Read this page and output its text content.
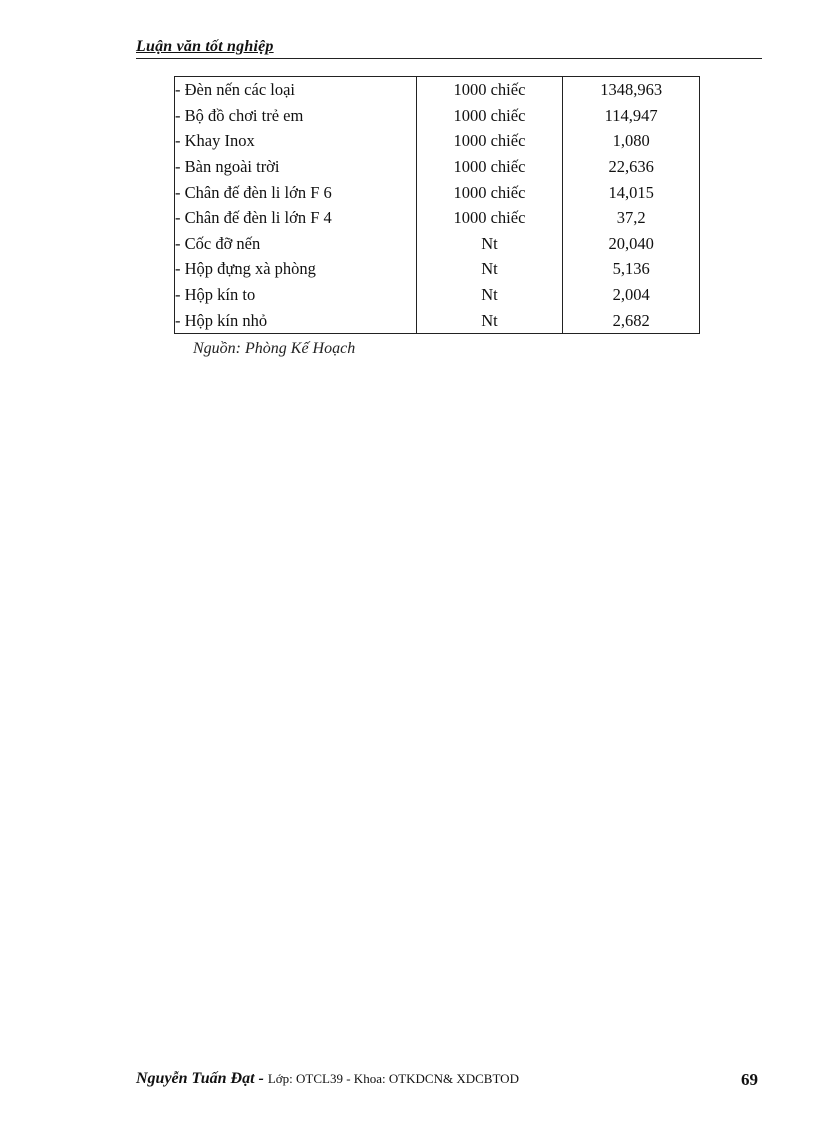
Luận văn tốt nghiệp
- Đèn nến các loại	1000 chiếc	1348,963
- Bộ đồ chơi trẻ em	1000 chiếc	114,947
- Khay Inox	1000 chiếc	1,080
- Bàn ngoài trời	1000 chiếc	22,636
- Chân đế đèn li lớn F 6	1000 chiếc	14,015
- Chân đế đèn li lớn F 4	1000 chiếc	37,2
- Cốc đỡ nến	Nt	20,040
- Hộp đựng xà phòng	Nt	5,136
- Hộp kín to	Nt	2,004
- Hộp kín nhỏ	Nt	2,682
Nguồn: Phòng Kế Hoạch
Nguyễn Tuấn Đạt - Lớp: OTCL39 - Khoa: OTKDCN& XDCBTOD	69
